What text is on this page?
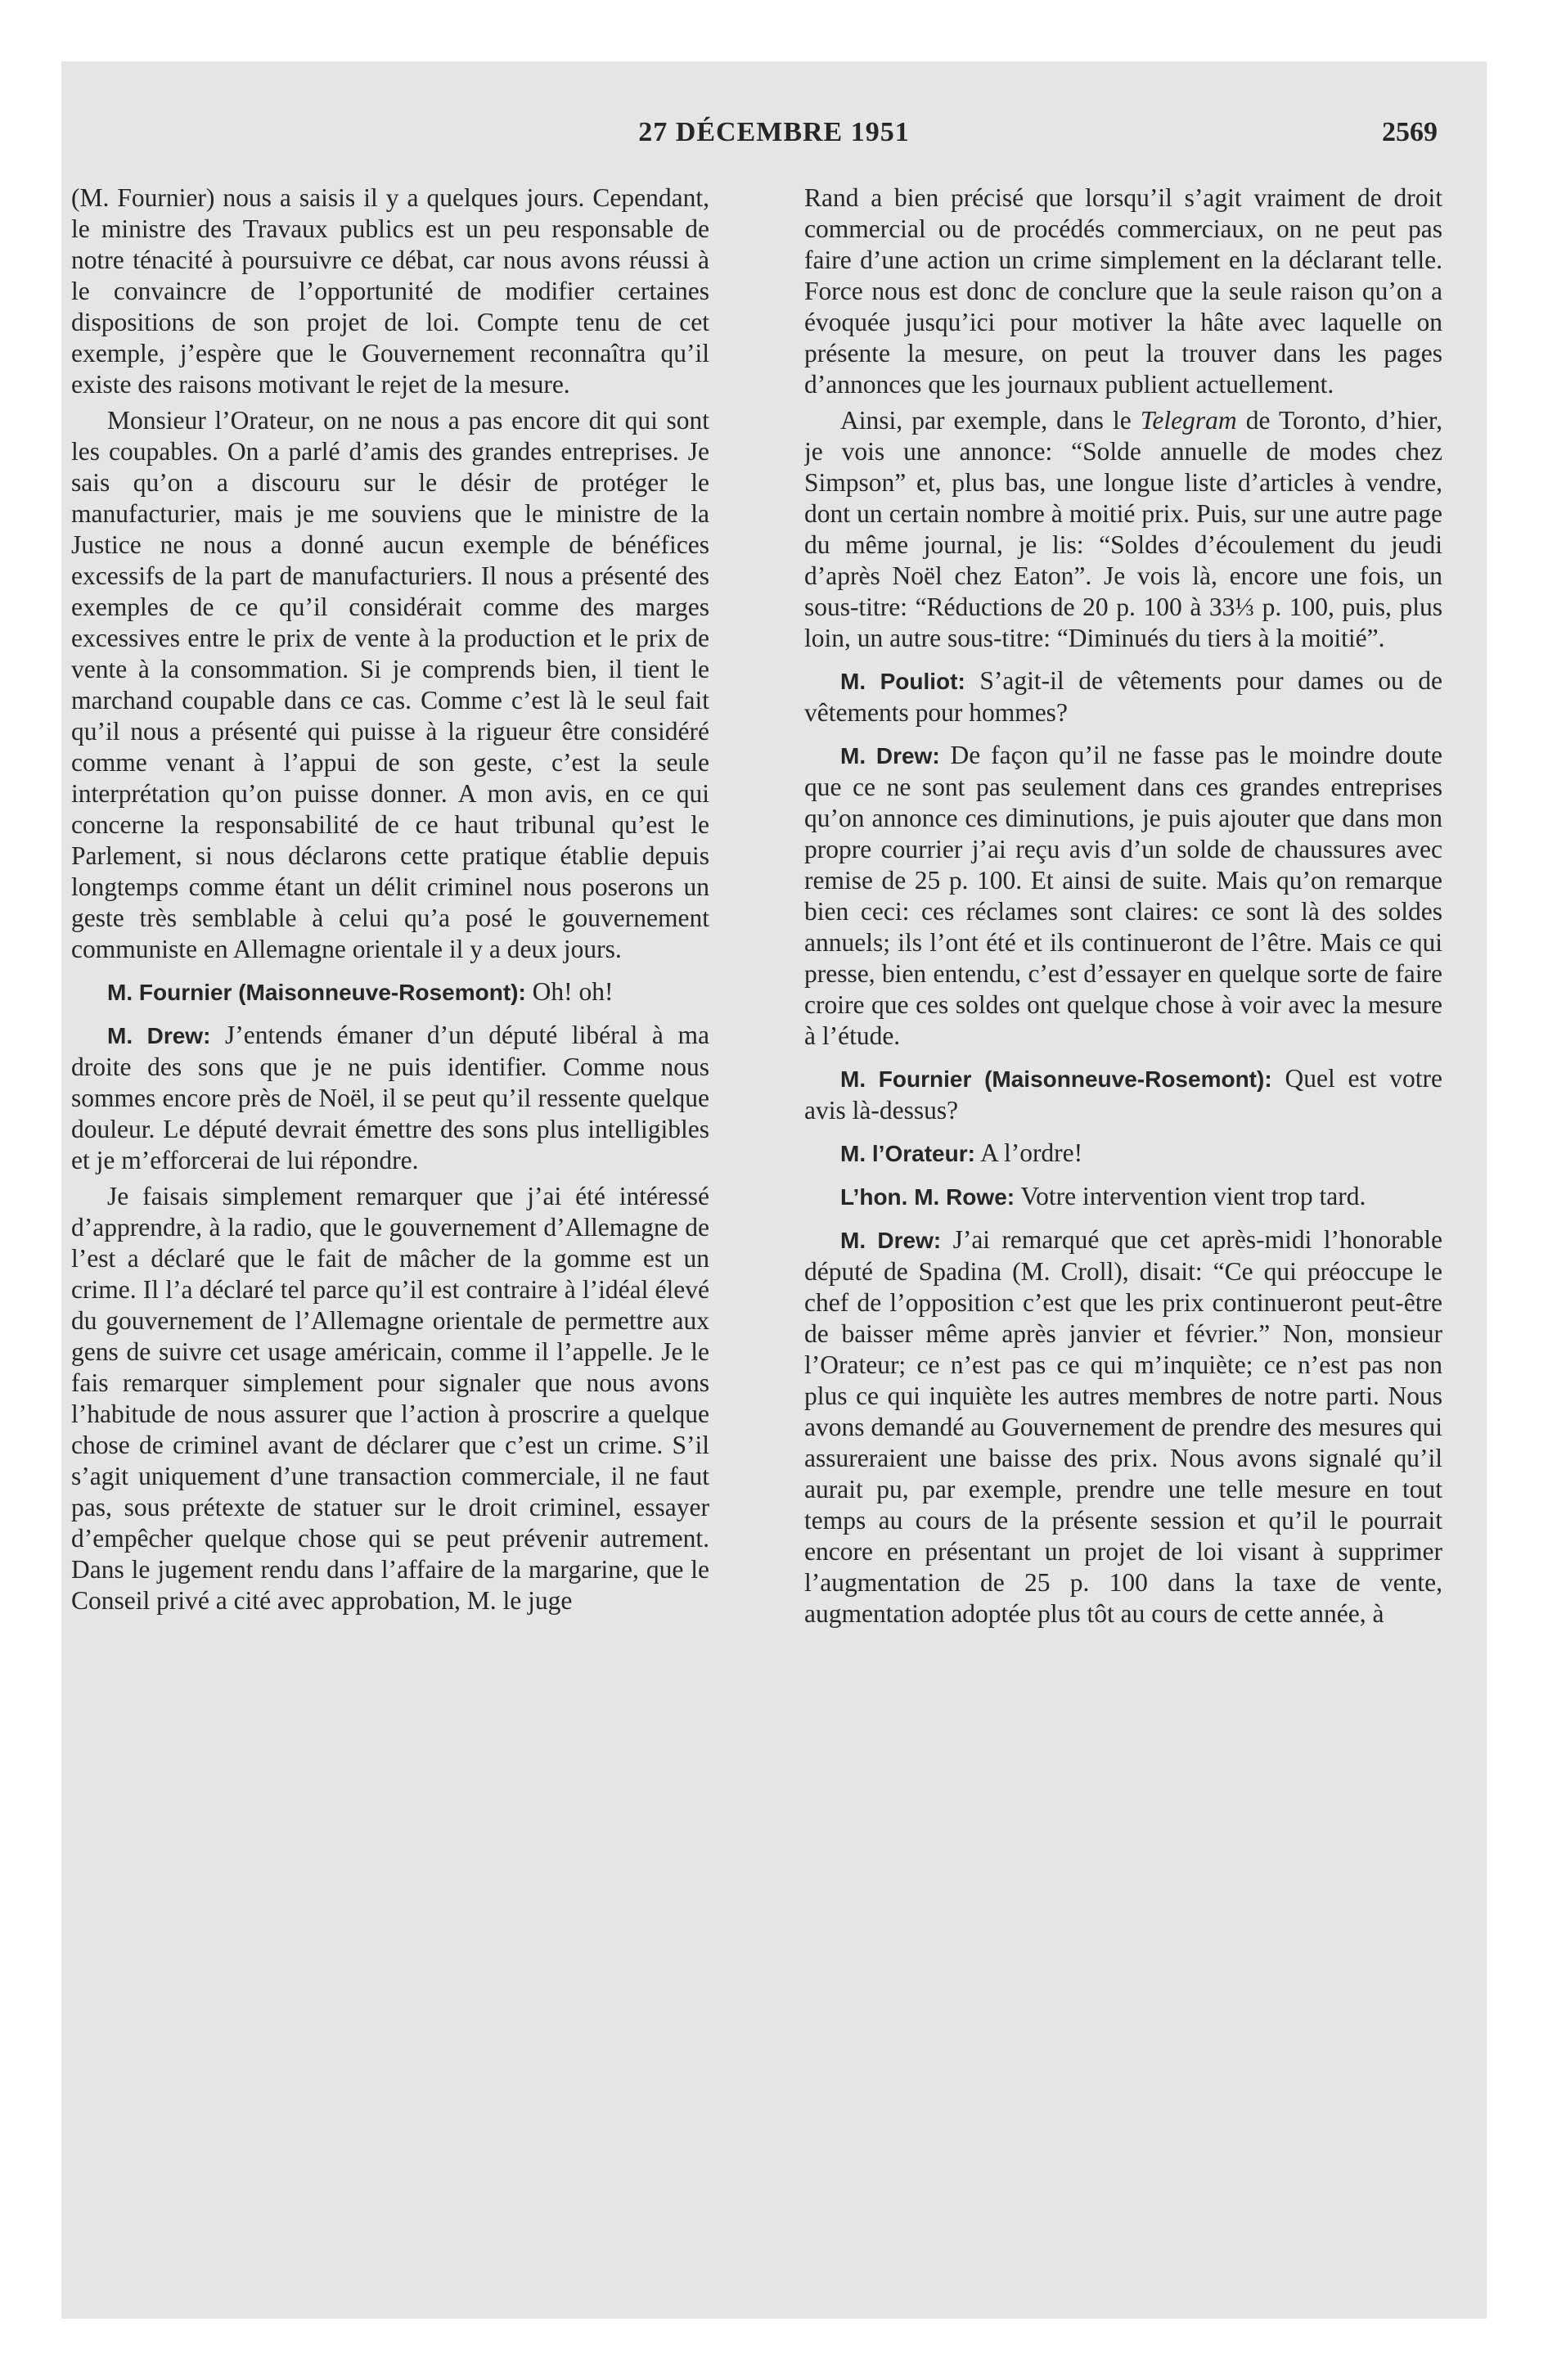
27 DÉCEMBRE 1951	2569

(M. Fournier) nous a saisis il y a quelques jours. Cependant, le ministre des Travaux publics est un peu responsable de notre ténacité à poursuivre ce débat, car nous avons réussi à le convaincre de l’opportunité de modifier certaines dispositions de son projet de loi. Compte tenu de cet exemple, j’espère que le Gouvernement reconnaîtra qu’il existe des raisons motivant le rejet de la mesure.

Monsieur l’Orateur, on ne nous a pas encore dit qui sont les coupables. On a parlé d’amis des grandes entreprises. Je sais qu’on a discouru sur le désir de protéger le manufacturier, mais je me souviens que le ministre de la Justice ne nous a donné aucun exemple de bénéfices excessifs de la part de manufacturiers. Il nous a présenté des exemples de ce qu’il considérait comme des marges excessives entre le prix de vente à la production et le prix de vente à la consommation. Si je comprends bien, il tient le marchand coupable dans ce cas. Comme c’est là le seul fait qu’il nous a présenté qui puisse à la rigueur être considéré comme venant à l’appui de son geste, c’est la seule interprétation qu’on puisse donner. A mon avis, en ce qui concerne la responsabilité de ce haut tribunal qu’est le Parlement, si nous déclarons cette pratique établie depuis longtemps comme étant un délit criminel nous poserons un geste très semblable à celui qu’a posé le gouvernement communiste en Allemagne orientale il y a deux jours.

M. Fournier (Maisonneuve-Rosemont): Oh! oh!

M. Drew: J’entends émaner d’un député libéral à ma droite des sons que je ne puis identifier. Comme nous sommes encore près de Noël, il se peut qu’il ressente quelque douleur. Le député devrait émettre des sons plus intelligibles et je m’efforcerai de lui répondre.

Je faisais simplement remarquer que j’ai été intéressé d’apprendre, à la radio, que le gouvernement d’Allemagne de l’est a déclaré que le fait de mâcher de la gomme est un crime. Il l’a déclaré tel parce qu’il est contraire à l’idéal élevé du gouvernement de l’Allemagne orientale de permettre aux gens de suivre cet usage américain, comme il l’appelle. Je le fais remarquer simplement pour signaler que nous avons l’habitude de nous assurer que l’action à proscrire a quelque chose de criminel avant de déclarer que c’est un crime. S’il s’agit uniquement d’une transaction commerciale, il ne faut pas, sous prétexte de statuer sur le droit criminel, essayer d’empêcher quelque chose qui se peut prévenir autrement. Dans le jugement rendu dans l’affaire de la margarine, que le Conseil privé a cité avec approbation, M. le juge

Rand a bien précisé que lorsqu’il s’agit vraiment de droit commercial ou de procédés commerciaux, on ne peut pas faire d’une action un crime simplement en la déclarant telle. Force nous est donc de conclure que la seule raison qu’on a évoquée jusqu’ici pour motiver la hâte avec laquelle on présente la mesure, on peut la trouver dans les pages d’annonces que les journaux publient actuellement.

Ainsi, par exemple, dans le Telegram de Toronto, d’hier, je vois une annonce: “Solde annuelle de modes chez Simpson” et, plus bas, une longue liste d’articles à vendre, dont un certain nombre à moitié prix. Puis, sur une autre page du même journal, je lis: “Soldes d’écoulement du jeudi d’après Noël chez Eaton”. Je vois là, encore une fois, un sous-titre: “Réductions de 20 p. 100 à 33⅓ p. 100, puis, plus loin, un autre sous-titre: “Diminués du tiers à la moitié”.

M. Pouliot: S’agit-il de vêtements pour dames ou de vêtements pour hommes?

M. Drew: De façon qu’il ne fasse pas le moindre doute que ce ne sont pas seulement dans ces grandes entreprises qu’on annonce ces diminutions, je puis ajouter que dans mon propre courrier j’ai reçu avis d’un solde de chaussures avec remise de 25 p. 100. Et ainsi de suite. Mais qu’on remarque bien ceci: ces réclames sont claires: ce sont là des soldes annuels; ils l’ont été et ils continueront de l’être. Mais ce qui presse, bien entendu, c’est d’essayer en quelque sorte de faire croire que ces soldes ont quelque chose à voir avec la mesure à l’étude.

M. Fournier (Maisonneuve-Rosemont): Quel est votre avis là-dessus?

M. l’Orateur: A l’ordre!

L’hon. M. Rowe: Votre intervention vient trop tard.

M. Drew: J’ai remarqué que cet après-midi l’honorable député de Spadina (M. Croll), disait: “Ce qui préoccupe le chef de l’opposition c’est que les prix continueront peut-être de baisser même après janvier et février.” Non, monsieur l’Orateur; ce n’est pas ce qui m’inquiète; ce n’est pas non plus ce qui inquiète les autres membres de notre parti. Nous avons demandé au Gouvernement de prendre des mesures qui assureraient une baisse des prix. Nous avons signalé qu’il aurait pu, par exemple, prendre une telle mesure en tout temps au cours de la présente session et qu’il le pourrait encore en présentant un projet de loi visant à supprimer l’augmentation de 25 p. 100 dans la taxe de vente, augmentation adoptée plus tôt au cours de cette année, à
